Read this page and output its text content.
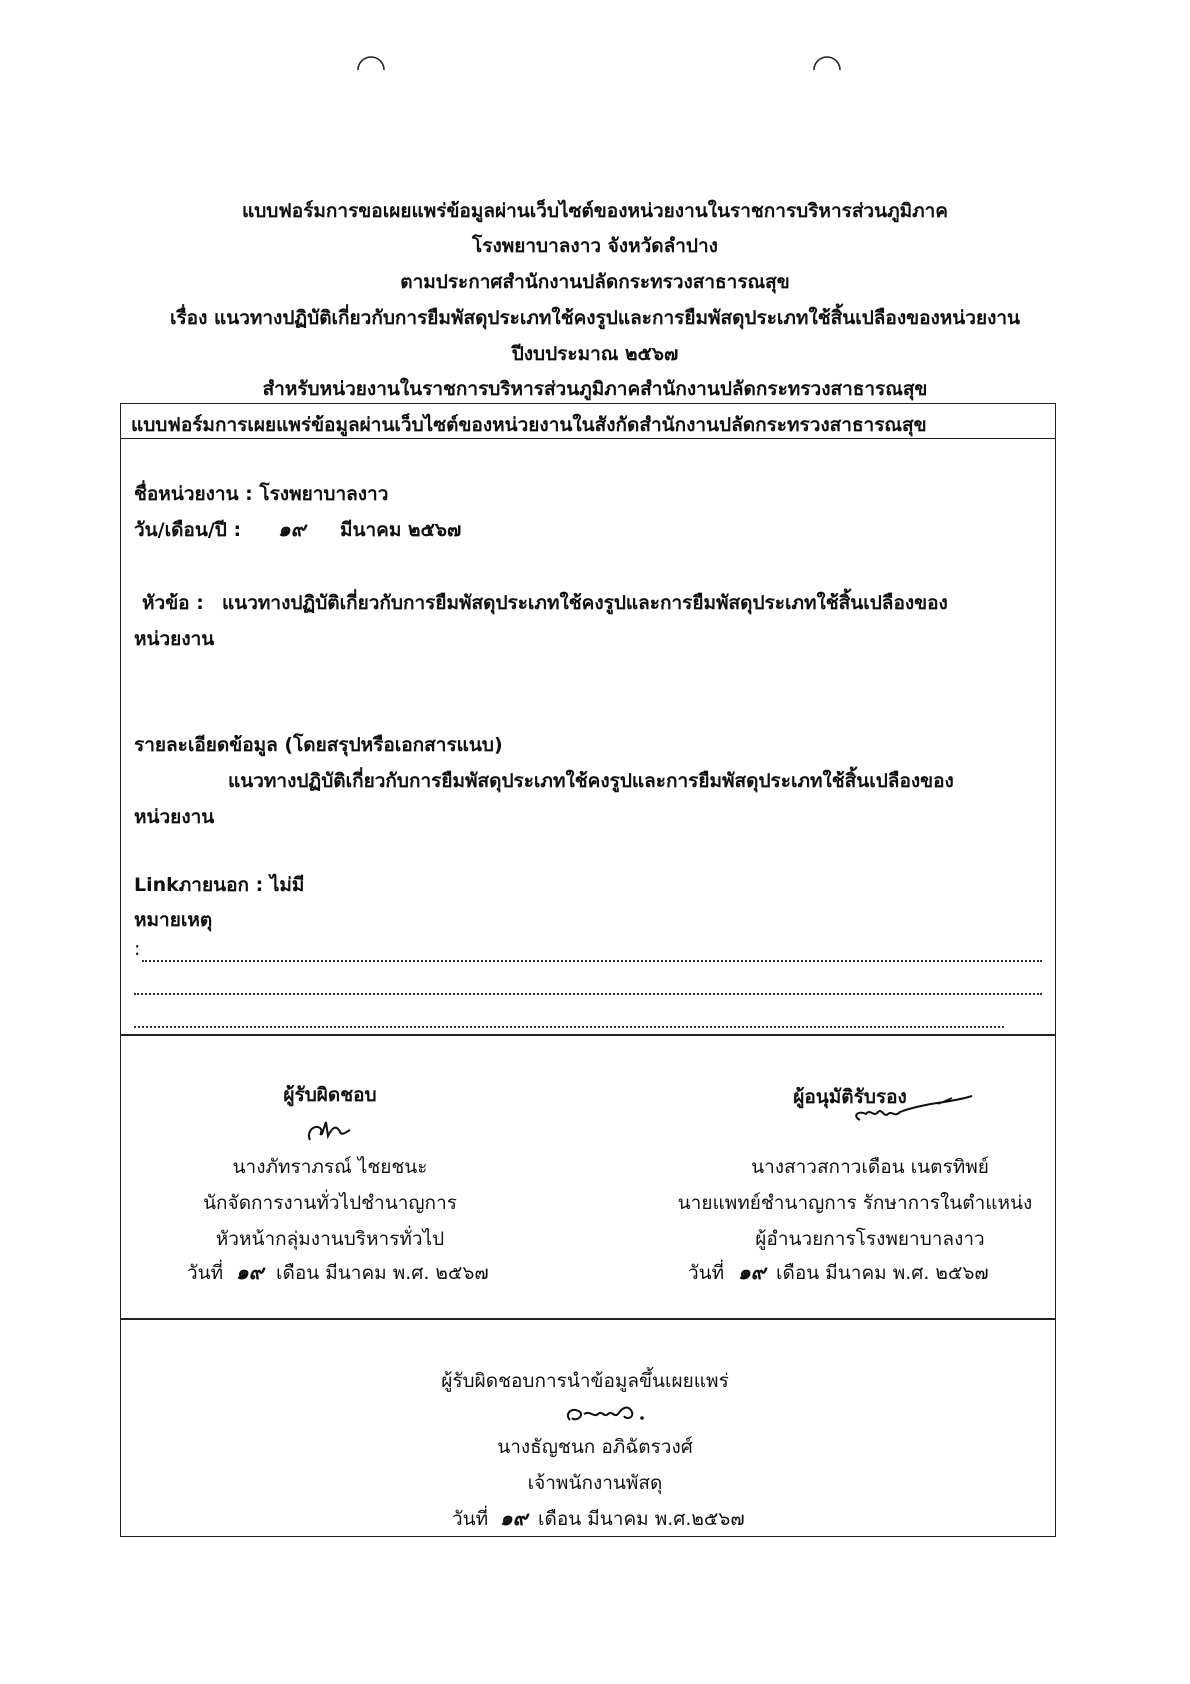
แบบฟอร์มการขอเผยแพร่ข้อมูลผ่านเว็บไซต์ของหน่วยงานในราชการบริหารส่วนภูมิภาค
โรงพยาบาลงาว จังหวัดลำปาง
ตามประกาศสำนักงานปลัดกระทรวงสาธารณสุข
เรื่อง แนวทางปฏิบัติเกี่ยวกับการยืมพัสดุประเภทใช้คงรูปและการยืมพัสดุประเภทใช้สิ้นเปลืองของหน่วยงาน
ปีงบประมาณ ๒๕๖๗
สำหรับหน่วยงานในราชการบริหารส่วนภูมิภาคสำนักงานปลัดกระทรวงสาธารณสุข
แบบฟอร์มการเผยแพร่ข้อมูลผ่านเว็บไซต์ของหน่วยงานในสังกัดสำนักงานปลัดกระทรวงสาธารณสุข
ชื่อหน่วยงาน : โรงพยาบาลงาว
วัน/เดือน/ปี : ๑๙ มีนาคม ๒๕๖๗
หัวข้อ : แนวทางปฏิบัติเกี่ยวกับการยืมพัสดุประเภทใช้คงรูปและการยืมพัสดุประเภทใช้สิ้นเปลืองของ
หน่วยงาน
รายละเอียดข้อมูล (โดยสรุปหรือเอกสารแนบ)
แนวทางปฏิบัติเกี่ยวกับการยืมพัสดุประเภทใช้คงรูปและการยืมพัสดุประเภทใช้สิ้นเปลืองของ
หน่วยงาน
Linkภายนอก : ไม่มี
หมายเหตุ
:
ผู้รับผิดชอบ
นางภัทราภรณ์ ไชยชนะ
นักจัดการงานทั่วไปชำนาญการ
หัวหน้ากลุ่มงานบริหารทั่วไป
วันที่ ๑๙ เดือน มีนาคม พ.ศ. ๒๕๖๗
ผู้อนุมัติรับรอง
นางสาวสกาวเดือน เนตรทิพย์
นายแพทย์ชำนาญการ รักษาการในตำแหน่ง
ผู้อำนวยการโรงพยาบาลงาว
วันที่ ๑๙ เดือน มีนาคม พ.ศ. ๒๕๖๗
ผู้รับผิดชอบการนำข้อมูลขึ้นเผยแพร่
นางธัญชนก อภิฉัตรวงศ์
เจ้าพนักงานพัสดุ
วันที่ ๑๙ เดือน มีนาคม พ.ศ.๒๕๖๗
